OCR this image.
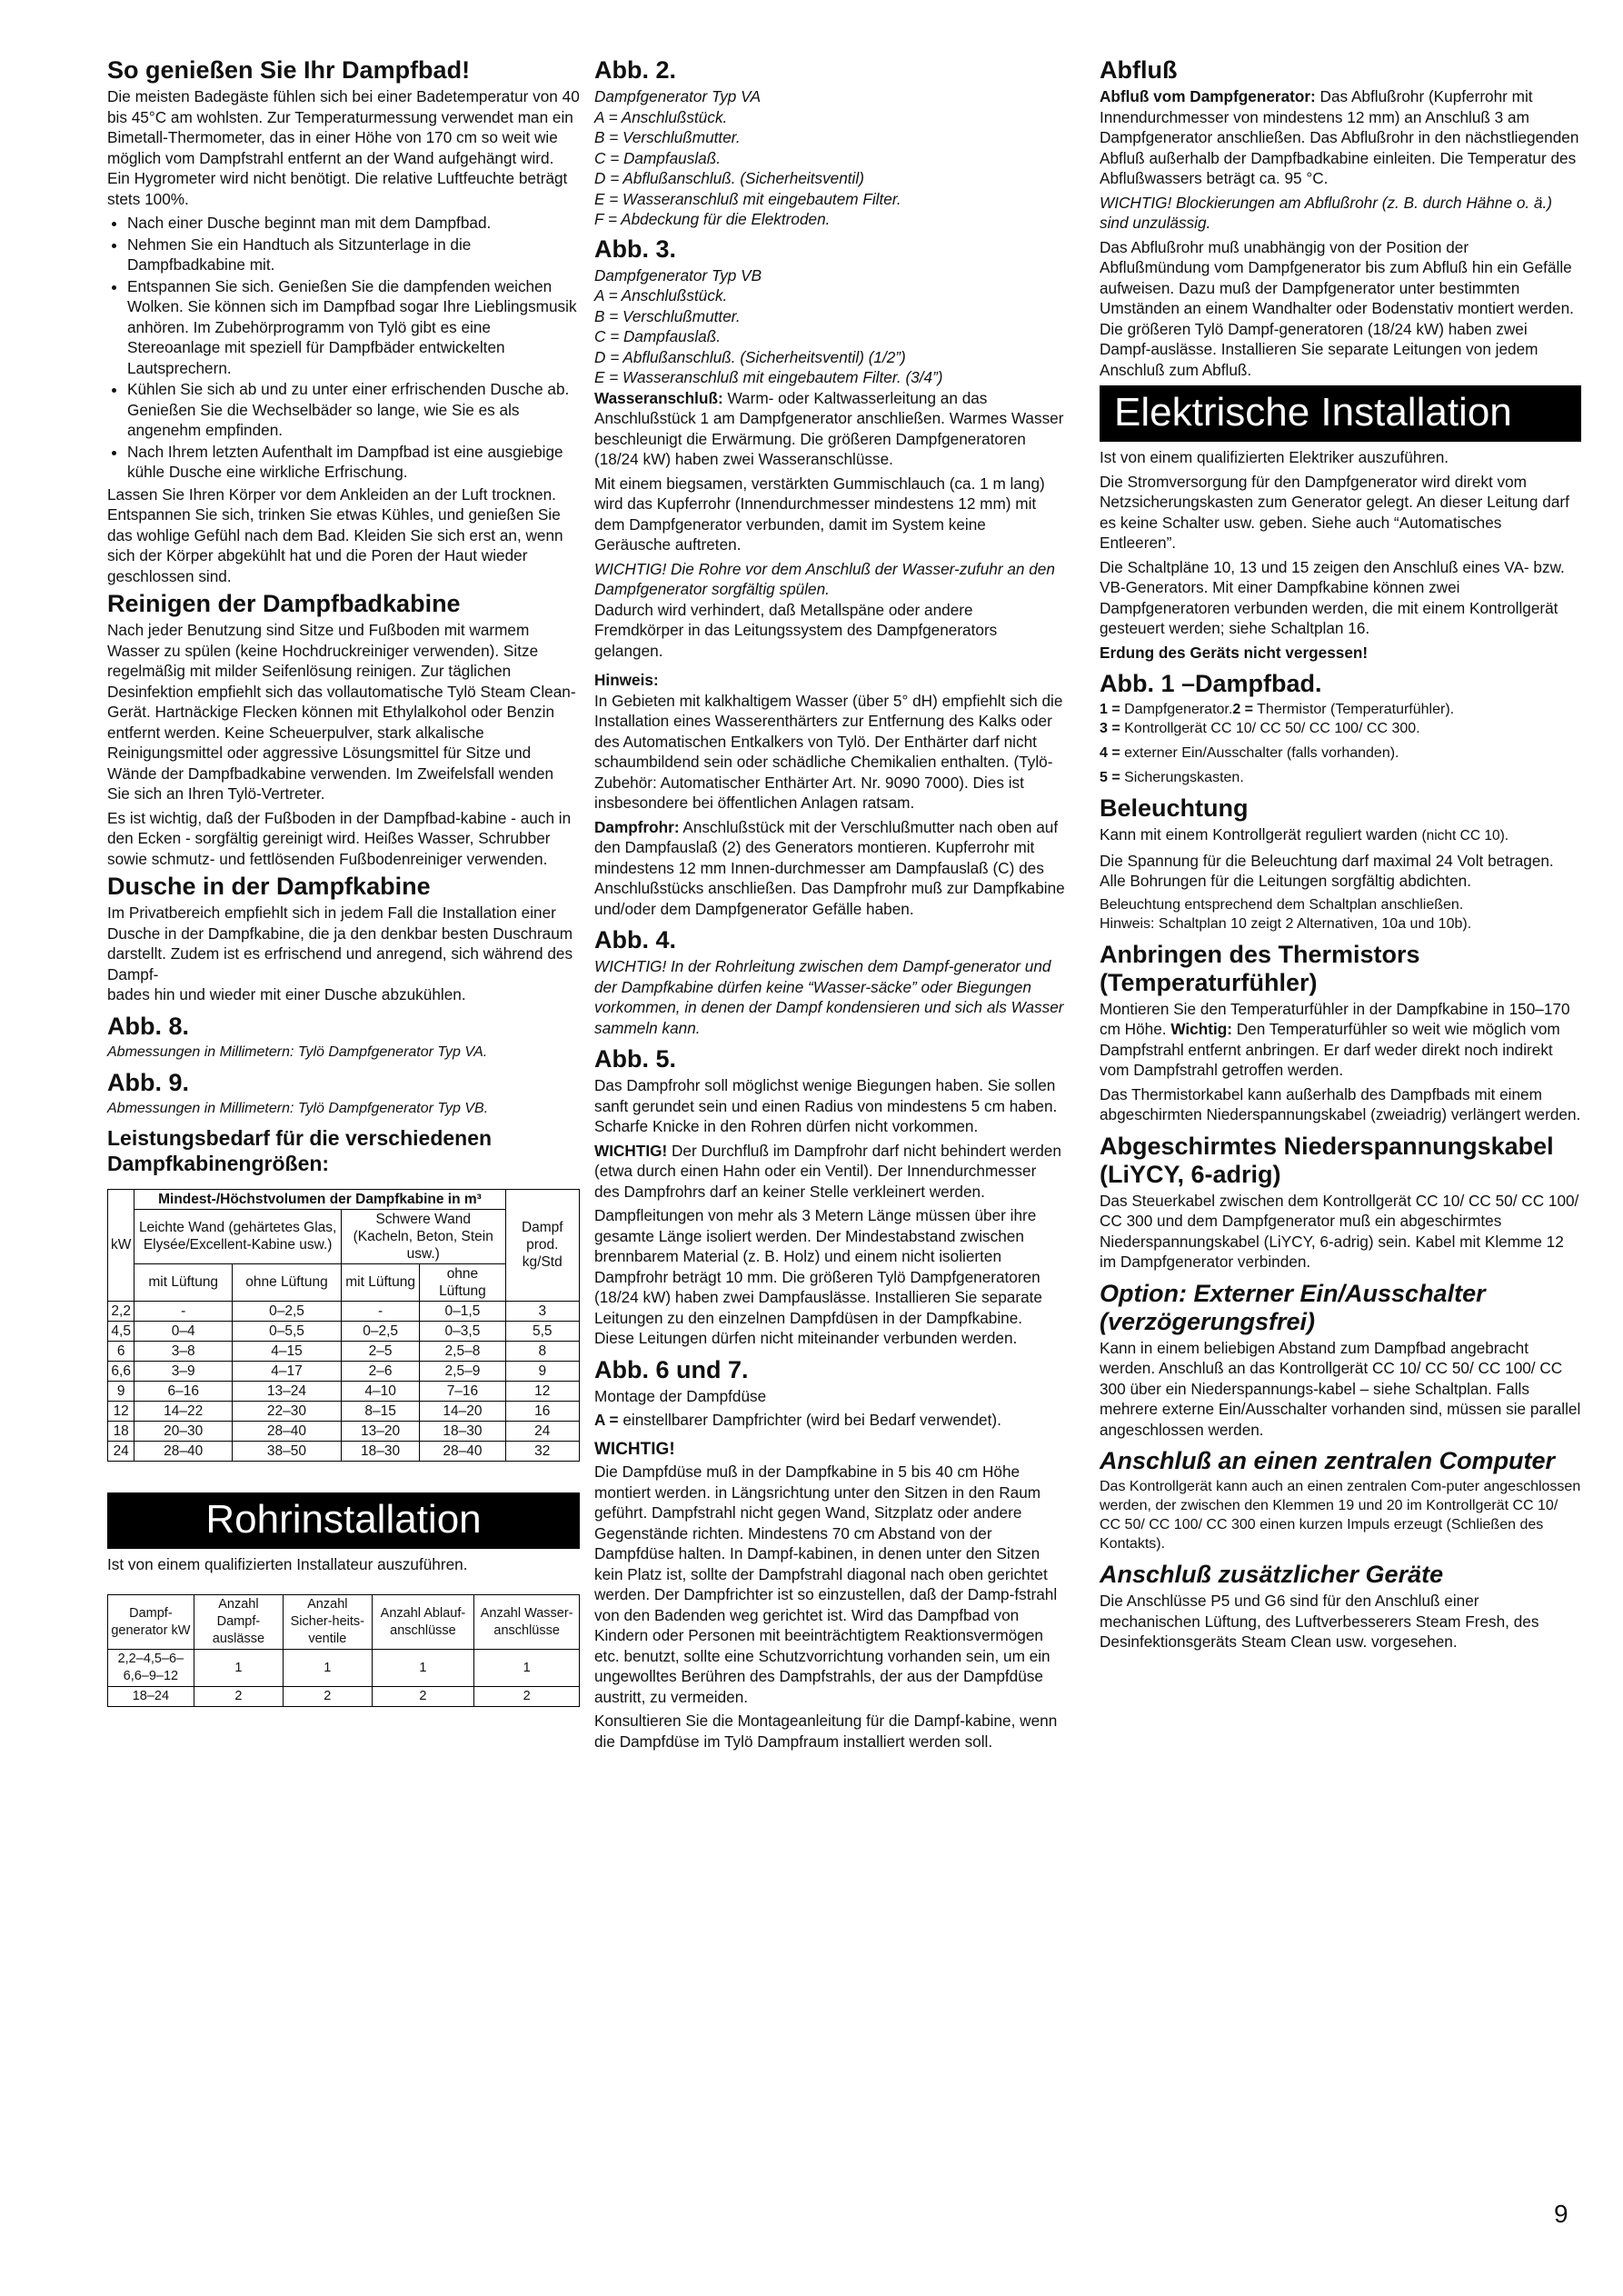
So genießen Sie Ihr Dampfbad!

Die meisten Badegäste fühlen sich bei einer Badetemperatur von 40 bis 45°C am wohlsten. Zur Temperaturmessung verwendet man ein Bimetall-Thermometer, das in einer Höhe von 170 cm so weit wie möglich vom Dampfstrahl entfernt an der Wand aufgehängt wird. Ein Hygrometer wird nicht benötigt. Die relative Luftfeuchte beträgt stets 100%.

• Nach einer Dusche beginnt man mit dem Dampfbad.
• Nehmen Sie ein Handtuch als Sitzunterlage in die Dampfbadkabine mit.
• Entspannen Sie sich. Genießen Sie die dampfenden weichen Wolken. Sie können sich im Dampfbad sogar Ihre Lieblingsmusik anhören. Im Zubehörprogramm von Tylö gibt es eine Stereoanlage mit speziell für Dampfbäder entwickelten Lautsprechern.
• Kühlen Sie sich ab und zu unter einer erfrischenden Dusche ab. Genießen Sie die Wechselbäder so lange, wie Sie es als angenehm empfinden.
• Nach Ihrem letzten Aufenthalt im Dampfbad ist eine ausgiebige kühle Dusche eine wirkliche Erfrischung.

Lassen Sie Ihren Körper vor dem Ankleiden an der Luft trocknen. Entspannen Sie sich, trinken Sie etwas Kühles, und genießen Sie das wohlige Gefühl nach dem Bad. Kleiden Sie sich erst an, wenn sich der Körper abgekühlt hat und die Poren der Haut wieder geschlossen sind.

Reinigen der Dampfbadkabine

Nach jeder Benutzung sind Sitze und Fußboden mit warmem Wasser zu spülen (keine Hochdruckreiniger verwenden). Sitze regelmäßig mit milder Seifenlösung reinigen. Zur täglichen Desinfektion empfiehlt sich das vollautomatische Tylö Steam Clean-Gerät. Hartnäckige Flecken können mit Ethylalkohol oder Benzin entfernt werden. Keine Scheuerpulver, stark alkalische Reinigungsmittel oder aggressive Lösungsmittel für Sitze und Wände der Dampfbadkabine verwenden. Im Zweifelsfall wenden Sie sich an Ihren Tylö-Vertreter.

Es ist wichtig, daß der Fußboden in der Dampfbad-kabine - auch in den Ecken - sorgfältig gereinigt wird. Heißes Wasser, Schrubber sowie schmutz- und fettlösenden Fußbodenreiniger verwenden.

Dusche in der Dampfkabine

Im Privatbereich empfiehlt sich in jedem Fall die Installation einer Dusche in der Dampfkabine, die ja den denkbar besten Duschraum darstellt. Zudem ist es erfrischend und anregend, sich während des Dampf-

bades hin und wieder mit einer Dusche abzukühlen.

Abb. 8.

Abmessungen in Millimetern: Tylö Dampfgenerator Typ VA.

Abb. 9.

Abmessungen in Millimetern: Tylö Dampfgenerator Typ VB.

Leistungsbedarf für die verschiedenen Dampfkabinengrößen:
kW	Mindest-/Höchstvolumen der Dampfkabine in m³				Dampf prod. kg/Std
	Leichte Wand (gehärtetes Glas, Elysée/Excellent-Kabine usw.)		Schwere Wand (Kacheln, Beton, Stein usw.)		
	mit Lüftung	ohne Lüftung	mit Lüftung	ohne Lüftung	
2,2	-	0–2,5	-	0–1,5	3
4,5	0–4	0–5,5	0–2,5	0–3,5	5,5
6	3–8	4–15	2–5	2,5–8	8
6,6	3–9	4–17	2–6	2,5–9	9
9	6–16	13–24	4–10	7–16	12
12	14–22	22–30	8–15	14–20	16
18	20–30	28–40	13–20	18–30	24
24	28–40	38–50	18–30	28–40	32
Rohrinstallation

Ist von einem qualifizierten Installateur auszuführen.

Dampf-generator kW	Anzahl Dampf-auslässe	Anzahl Sicher-heits-ventile	Anzahl Ablauf-anschlüsse	Anzahl Wasser-anschlüsse
2,2–4,5–6–6,6–9–12	1	1	1	1
18–24	2	2	2	2
Abb. 2.
Dampfgenerator Typ VA
A = Anschlußstück.
B = Verschlußmutter.
C = Dampfauslaß.
D = Abflußanschluß. (Sicherheitsventil)
E = Wasseranschluß mit eingebautem Filter.
F = Abdeckung für die Elektroden.
Abb. 3.
Dampfgenerator Typ VB
A = Anschlußstück.
B = Verschlußmutter.
C = Dampfauslaß.
D = Abflußanschluß. (Sicherheitsventil) (1/2”)
E = Wasseranschluß mit eingebautem Filter. (3/4”)

Wasseranschluß: Warm- oder Kaltwasserleitung an das Anschlußstück 1 am Dampfgenerator anschließen. Warmes Wasser beschleunigt die Erwärmung. Die größeren Dampfgeneratoren (18/24 kW) haben zwei Wasseranschlüsse.

Mit einem biegsamen, verstärkten Gummischlauch (ca. 1 m lang) wird das Kupferrohr (Innendurchmesser mindestens 12 mm) mit dem Dampfgenerator verbunden, damit im System keine Geräusche auftreten.

WICHTIG! Die Rohre vor dem Anschluß der Wasser-zufuhr an den Dampfgenerator sorgfältig spülen.

Dadurch wird verhindert, daß Metallspäne oder andere Fremdkörper in das Leitungssystem des Dampfgenerators gelangen.

Hinweis:

In Gebieten mit kalkhaltigem Wasser (über 5° dH) empfiehlt sich die Installation eines Wasserenthärters zur Entfernung des Kalks oder des Automatischen Entkalkers von Tylö. Der Enthärter darf nicht schaumbildend sein oder schädliche Chemikalien enthalten. (Tylö-Zubehör: Automatischer Enthärter Art. Nr. 9090 7000). Dies ist insbesondere bei öffentlichen Anlagen ratsam.

Dampfrohr: Anschlußstück mit der Verschlußmutter nach oben auf den Dampfauslaß (2) des Generators montieren. Kupferrohr mit mindestens 12 mm Innen-durchmesser am Dampfauslaß (C) des Anschlußstücks anschließen. Das Dampfrohr muß zur Dampfkabine und/oder dem Dampfgenerator Gefälle haben.

Abb. 4.

WICHTIG! In der Rohrleitung zwischen dem Dampf-generator und der Dampfkabine dürfen keine “Wasser-säcke” oder Biegungen vorkommen, in denen der Dampf kondensieren und sich als Wasser sammeln kann.

Abb. 5.

Das Dampfrohr soll möglichst wenige Biegungen haben. Sie sollen sanft gerundet sein und einen Radius von mindestens 5 cm haben. Scharfe Knicke in den Rohren dürfen nicht vorkommen.

WICHTIG! Der Durchfluß im Dampfrohr darf nicht behindert werden (etwa durch einen Hahn oder ein Ventil). Der Innendurchmesser des Dampfrohrs darf an keiner Stelle verkleinert werden.

Dampfleitungen von mehr als 3 Metern Länge müssen über ihre gesamte Länge isoliert werden. Der Mindestabstand zwischen brennbarem Material (z. B. Holz) und einem nicht isolierten Dampfrohr beträgt 10 mm. Die größeren Tylö Dampfgeneratoren (18/24 kW) haben zwei Dampfauslässe. Installieren Sie separate Leitungen zu den einzelnen Dampfdüsen in der Dampfkabine. Diese Leitungen dürfen nicht miteinander verbunden werden.

Abb. 6 und 7.

Montage der Dampfdüse

A = einstellbarer Dampfrichter (wird bei Bedarf verwendet).

WICHTIG!

Die Dampfdüse muß in der Dampfkabine in 5 bis 40 cm Höhe montiert werden. in Längsrichtung unter den Sitzen in den Raum geführt. Dampfstrahl nicht gegen Wand, Sitzplatz oder andere Gegenstände richten. Mindestens 70 cm Abstand von der Dampfdüse halten. In Dampf-kabinen, in denen unter den Sitzen kein Platz ist, sollte der Dampfstrahl diagonal nach oben gerichtet werden. Der Dampfrichter ist so einzustellen, daß der Damp-fstrahl von den Badenden weg gerichtet ist. Wird das Dampfbad von Kindern oder Personen mit beeinträchtigtem Reaktionsvermögen etc. benutzt, sollte eine Schutzvorrichtung vorhanden sein, um ein ungewolltes Berühren des Dampfstrahls, der aus der Dampfdüse austritt, zu vermeiden.

Konsultieren Sie die Montageanleitung für die Dampf-kabine, wenn die Dampfdüse im Tylö Dampfraum installiert werden soll.

Abfluß

Abfluß vom Dampfgenerator: Das Abflußrohr (Kupferrohr mit Innendurchmesser von mindestens 12 mm) an Anschluß 3 am Dampfgenerator anschließen. Das Abflußrohr in den nächstliegenden Abfluß außerhalb der Dampfbadkabine einleiten. Die Temperatur des Abflußwassers beträgt ca. 95 °C.

WICHTIG! Blockierungen am Abflußrohr (z. B. durch Hähne o. ä.) sind unzulässig.

Das Abflußrohr muß unabhängig von der Position der Abflußmündung vom Dampfgenerator bis zum Abfluß hin ein Gefälle aufweisen. Dazu muß der Dampfgenerator unter bestimmten Umständen an einem Wandhalter oder Bodenstativ montiert werden. Die größeren Tylö Dampf-generatoren (18/24 kW) haben zwei Dampf-auslässe. Installieren Sie separate Leitungen von jedem Anschluß zum Abfluß.

Elektrische Installation

Ist von einem qualifizierten Elektriker auszuführen.

Die Stromversorgung für den Dampfgenerator wird direkt vom Netzsicherungskasten zum Generator gelegt. An dieser Leitung darf es keine Schalter usw. geben. Siehe auch “Automatisches Entleeren”.

Die Schaltpläne 10, 13 und 15 zeigen den Anschluß eines VA- bzw. VB-Generators. Mit einer Dampfkabine können zwei Dampfgeneratoren verbunden werden, die mit einem Kontrollgerät gesteuert werden; siehe Schaltplan 16.

Erdung des Geräts nicht vergessen!

Abb. 1 –Dampfbad.

1 = Dampfgenerator.2 = Thermistor (Temperaturfühler).

3 = Kontrollgerät CC 10/ CC 50/ CC 100/ CC 300.

4 = externer Ein/Ausschalter (falls vorhanden).

5 = Sicherungskasten.

Beleuchtung

Kann mit einem Kontrollgerät reguliert warden (nicht CC 10).

Die Spannung für die Beleuchtung darf maximal 24 Volt betragen. Alle Bohrungen für die Leitungen sorgfältig abdichten.

Beleuchtung entsprechend dem Schaltplan anschließen.

Hinweis: Schaltplan 10 zeigt 2 Alternativen, 10a und 10b).

Anbringen des Thermistors (Temperaturfühler)

Montieren Sie den Temperaturfühler in der Dampfkabine in 150–170 cm Höhe. Wichtig: Den Temperaturfühler so weit wie möglich vom Dampfstrahl entfernt anbringen. Er darf weder direkt noch indirekt vom Dampfstrahl getroffen werden.

Das Thermistorkabel kann außerhalb des Dampfbads mit einem abgeschirmten Niederspannungskabel (zweiadrig) verlängert werden.

Abgeschirmtes Niederspannungskabel (LiYCY, 6-adrig)

Das Steuerkabel zwischen dem Kontrollgerät CC 10/ CC 50/ CC 100/ CC 300 und dem Dampfgenerator muß ein abgeschirmtes Niederspannungskabel (LiYCY, 6-adrig) sein. Kabel mit Klemme 12 im Dampfgenerator verbinden.

Option: Externer Ein/Ausschalter (verzögerungsfrei)

Kann in einem beliebigen Abstand zum Dampfbad angebracht werden. Anschluß an das Kontrollgerät CC 10/ CC 50/ CC 100/ CC 300 über ein Niederspannungs-kabel – siehe Schaltplan. Falls mehrere externe Ein/Ausschalter vorhanden sind, müssen sie parallel angeschlossen werden.

Anschluß an einen zentralen Computer

Das Kontrollgerät kann auch an einen zentralen Com-puter angeschlossen werden, der zwischen den Klemmen 19 und 20 im Kontrollgerät CC 10/ CC 50/ CC 100/ CC 300 einen kurzen Impuls erzeugt (Schließen des Kontakts).

Anschluß zusätzlicher Geräte

Die Anschlüsse P5 und G6 sind für den Anschluß einer mechanischen Lüftung, des Luftverbesserers Steam Fresh, des Desinfektionsgeräts Steam Clean usw. vorgesehen.

9
